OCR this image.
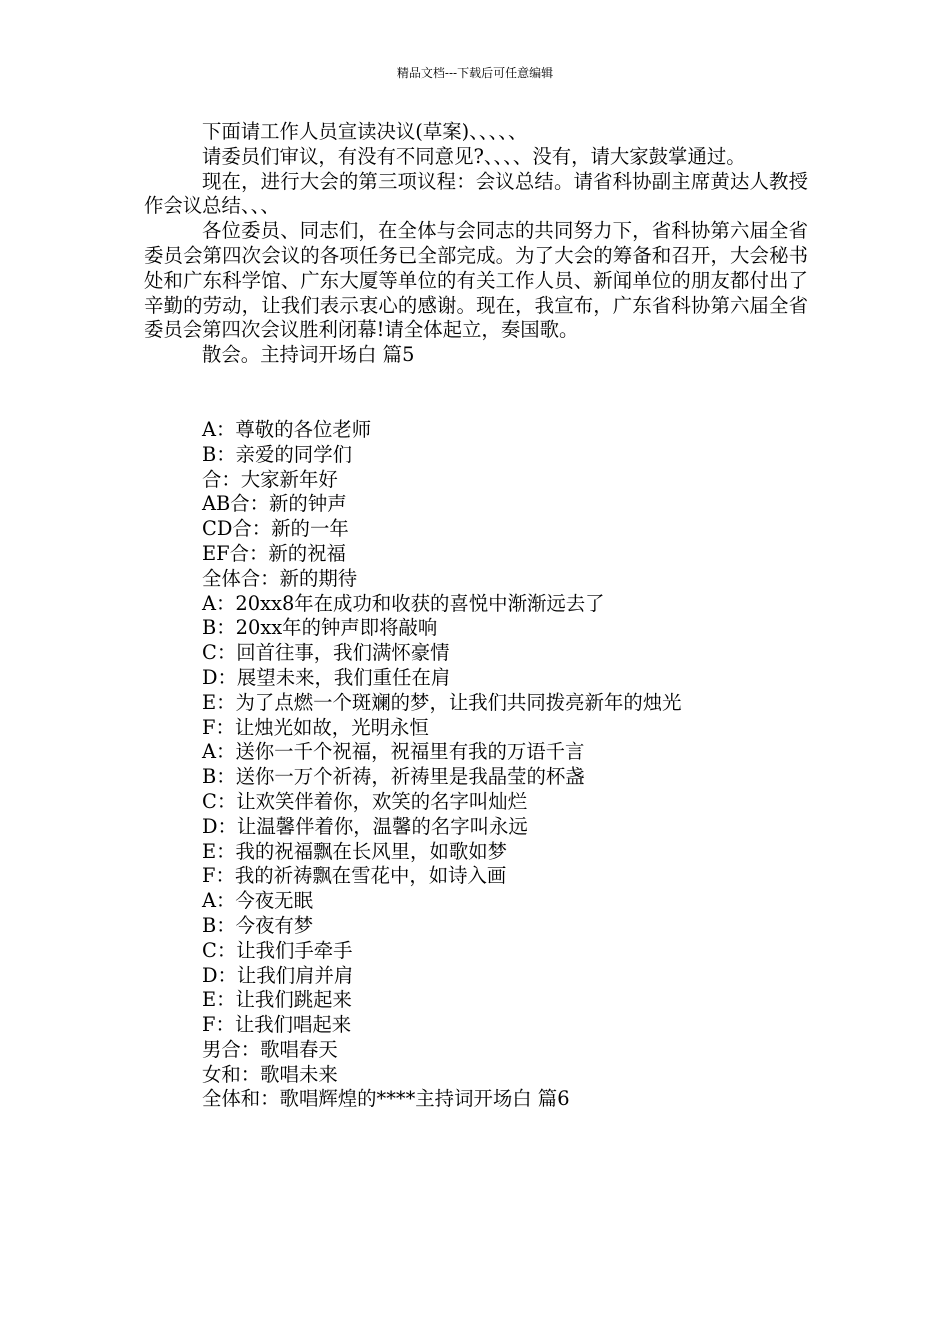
精品文档---下载后可任意编辑

下面请工作人员宣读决议(草案)、、、、、

请委员们审议，有没有不同意见?、、、、没有，请大家鼓掌通过。

现在，进行大会的第三项议程：会议总结。请省科协副主席黄达人教授作会议总结、、、

各位委员、同志们，在全体与会同志的共同努力下，省科协第六届全省委员会第四次会议的各项任务已全部完成。为了大会的筹备和召开，大会秘书处和广东科学馆、广东大厦等单位的有关工作人员、新闻单位的朋友都付出了辛勤的劳动，让我们表示衷心的感谢。现在，我宣布，广东省科协第六届全省委员会第四次会议胜利闭幕!请全体起立，奏国歌。

散会。主持词开场白 篇5

A：尊敬的各位老师

B：亲爱的同学们

合：大家新年好

AB合：新的钟声

CD合：新的一年

EF合：新的祝福

全体合：新的期待

A：20xx8年在成功和收获的喜悦中渐渐远去了

B：20xx年的钟声即将敲响

C：回首往事，我们满怀豪情

D：展望未来，我们重任在肩

E：为了点燃一个斑斓的梦，让我们共同拨亮新年的烛光

F：让烛光如故，光明永恒

A：送你一千个祝福，祝福里有我的万语千言

B：送你一万个祈祷，祈祷里是我晶莹的杯盏

C：让欢笑伴着你，欢笑的名字叫灿烂

D：让温馨伴着你，温馨的名字叫永远

E：我的祝福飘在长风里，如歌如梦

F：我的祈祷飘在雪花中，如诗入画

A：今夜无眠

B：今夜有梦

C：让我们手牵手

D：让我们肩并肩

E：让我们跳起来

F：让我们唱起来

男合：歌唱春天

女和：歌唱未来

全体和：歌唱辉煌的****主持词开场白 篇6
